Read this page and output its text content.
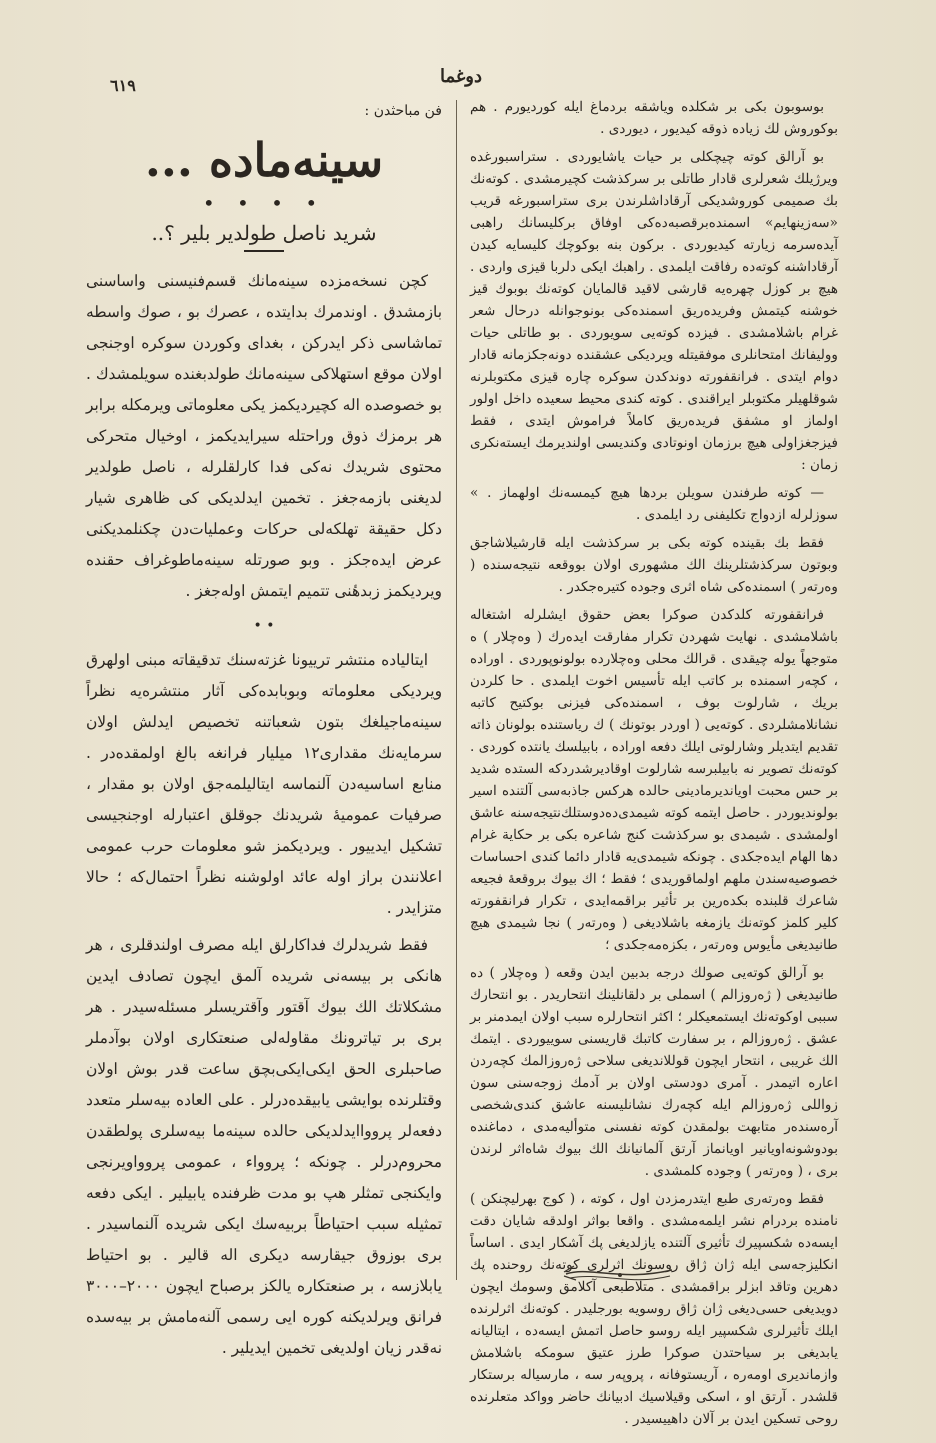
٦١٩	دوغما
فن مباحثدن :
سينه‌ماده ...
• • • •
شريد ناصل طولدير بلير ؟..

كچن نسخه‌مزده سينه‌مانك قسم‌فنيسنى واساسنى بازمشدق . اوندمرك بدايتده ، عصرك بو ، صوك واسطه تماشاسى ذكر ايدركن ، بغداى وكوردن سوكره اوجنجى اولان موقع استهلاكى سينه‌مانك طولدبغنده سويلمشدك . بو خصوصده اله كچيرديكمز يكى معلوماتى ويرمكله برابر هر برمزك ذوق وراحتله سيرايديكمز ، اوخيال متحركى محتوى شريدك نه‌كى فدا كارلقلرله ، ناصل طولدير لديغنى بازمه‌جغز . تخمين ايدلديكى كى ظاهرى شيار دكل حقيقة تهلكه‌لى حركات وعمليات‌دن چكنلمديكنى عرض ايده‌جكز . وبو صورتله سينه‌ماطوغراف حقنده ويرديكمز زبدهٔنى تتميم ايتمش اوله‌جغز .

• •

ايتالياده منتشر ترييونا غزته‌سنك تدقيقاته مبنى اولهرق ويرديكى معلوماته وبوبابده‌كى آثار منتشره‌يه نظراً سينه‌ماجيلغك بتون شعباتنه تخصيص ايدلش اولان سرمايه‌نك مقدارى١٢ ميليار فرانغه بالغ اولمقده‌در . منابع اساسيه‌دن آلنماسه ايتاليلمه‌جق اولان بو مقدار ، صرفيات عموميهٔ شريدنك جوقلق اعتبارله اوجنجيسى تشكيل ايدييور . ويرديكمز شو معلومات حرب عمومى اعلانندن براز اوله عائد اولوشنه نظراً احتمال‌كه ؛ حالا متزايدر .

فقط شريدلرك فداكارلق ايله مصرف اولندقلرى ، هر هانكى بر بيسه‌نى شريده آلمق ايچون تصادف ايدين مشكلاتك الك بيوك آقتور وآقتريسلر مسئله‌سيدر . هر برى بر تياترونك مقاوله‌لى صنعتكارى اولان بوآدملر صاحبلرى الحق ايكى‌ايكى‌بچق ساعت قدر بوش اولان وقتلرنده بوايشى يابيقده‌درلر . على العاده بيه‌سلر متعدد دفعه‌لر پروواايدلديكى حالده سينه‌ما بيه‌سلرى پولطقدن محروم‌درلر . چونكه ؛ پروواء ، عمومى پروواويرنجى وايكنجى تمثلر هپ بو مدت ظرفنده يابيلير . ايكى دفعه تمثيله سبب احتياطاً بربيه‌سك ايكى شريده آلنماسيدر . برى بوزوق جيقارسه ديكرى اله قالير . بو احتياط يابلازسه ، بر صنعتكاره يالكز برصباح ايچون ٢٠٠٠–٣٠٠٠ فرانق ويرلديكنه كوره ايى رسمى آلنه‌مامش بر بيه‌سده نه‌قدر زيان اولديغى تخمين ايديلير .

بوسوبون بكى بر شكلده وياشقه بردماغ ايله كورديورم . هم بوكوروش لك زياده ذوقه كيديور ، ديوردى .

بو آرالق كوته چيچكلى بر حيات ياشايوردى . ستراسبورغده ويرژيلك شعرلرى قادار طاتلى بر سركذشت كچيرمشدى . كوته‌نك بك صميمى كوروشديكى آرقاداشلرندن برى ستراسبورغه قريب «سه‌زينهايم» اسمنده‌برقصبه‌ده‌كى اوفاق بركليسانك راهبى آيده‌سرمه زيارته كيديوردى . بركون بنه بوكوچك كليسايه كيدن آرقاداشنه كوته‌ده رفاقت ايلمدى . راهبك ايكى دلربا قيزى واردى . هيچ بر كوزل چهره‌يه قارشى لاقيد قالمايان كوته‌نك بوبوك قيز خوشنه كيتمش وفريده‌ريق اسمنده‌كى بونوجوانله درحال شعر غرام باشلامشدى . فيزده كوته‌يى سويوردى . بو طاتلى حيات ووليفانك امتحانلرى موفقيتله ويرديكى عشقنده دونه‌جكزمانه قادار دوام ايتدى . فرانقفورته دوندكدن سوكره چاره قيزى مكتوبلرنه شوقلهيلر مكتوبلر ايراقندى . كوته كندى محيط سعيده داخل اولور اولماز او مشفق فريده‌ريق كاملاً فراموش ايتدى ، فقط فيزجغزاولى هيچ برزمان اونوتادى وكنديسى اولنديرمك ايسته‌نكرى زمان :

— كوته طرفندن سويلن بردها هيچ كيمسه‌نك اولهماز . » سوزلرله ازدواج تكليفنى رد ايلمدى .

فقط بك بقينده كوته بكى بر سركذشت ايله قارشيلاشاجق وبوتون سركذشتلرينك الك مشهورى اولان بووقعه نتيجه‌سنده ( وه‌رته‌ر ) اسمنده‌كى شاه اثرى وجوده كتيره‌جكدر .

فرانقفورته كلدكدن صوكرا بعض حقوق ايشلرله اشتغاله باشلامشدى . نهايت شهردن تكرار مفارقت ايده‌رك ( وه‌چلار ) ه متوجهاً يوله چيقدى . قرالك محلى وه‌چلارده بولونوپوردى . اوراده ، كچه‌ر اسمنده بر كاتب ايله تأسيس اخوت ايلمدى . حا كلردن بريك ، شارلوت بوف ، اسمنده‌كى فيزنى بوكتيح كاتبه نشانلامشلردى . كوته‌يى ( اوردر بوتونك ) ك رياستنده بولونان ذاته تقديم ايتديلر وشارلوتى ايلك دفعه اوراده ، بابيلسك يانتده كوردى . كوته‌نك تصوير نه بابيلبرسه شارلوت اوقاديرشدردكه الستده شديد بر حس محبت اويانديرمادينى حالده هركس جاذبه‌سى آلتنده اسير بولونديوردر . حاصل ايتمه كوته شيمدى‌ده‌دوستلك‌نتيجه‌سنه عاشق اولمشدى . شيمدى بو سركذشت كنج شاعره بكى بر حكاية غرام دها الهام ايده‌جكدى . چونكه شيمدى‌يه قادار دائما كندى احساسات خصوصيه‌سندن ملهم اولماقوريدى ؛ فقط ؛ اك بيوك بروقعهٔ فجيعه شاعرك قلبنده بكده‌رين بر تأثير براقمه‌ايدى ، تكرار فرانقفورته كلير كلمز كوته‌نك يازمغه باشلاديغى ( وه‌رته‌ر ) نجا شيمدى هيچ طانيديغى مأيوس وه‌رته‌ر ، بكزه‌مه‌جكدى ؛

بو آرالق كوته‌يى صولك درجه بدبين ايدن وقعه ( وه‌چلار ) ده طانيديغى ( ژه‌روزالم ) اسملى بر دلقانلينك انتحاريدر . بو انتحارك سببى اوكوته‌نك ايستمعيكلر ؛ اكثر انتحارلره سبب اولان ايمدمنر بر عشق . ژه‌روزالم ، بر سفارت كاتبك قاريسنى سوييوردى . ايتمك الك غريبى ، انتحار ايچون قوللانديغى سلاحى ژه‌روزالمك كچه‌ردن اعاره اتيمدر . آمرى دودستى اولان بر آدمك زوجه‌سنى سون زواللى ژه‌روزالم ايله كچه‌رك نشانليسنه عاشق كندى‌شخصى آره‌سنده‌ر متابهت بولمقدن كوته نفسنى متوأليه‌مدى ، دماغنده بودوشونه‌اويانير اويانماز آرتق آلمانيانك الك بيوك شاه‌اثر لرندن برى ، ( وه‌رته‌ر ) وجوده كلمشدى .

فقط وه‌رته‌رى طبع ايتدرمزدن اول ، كوته ، ( كوج بهرليچنكن ) نامنده بردرام نشر ايلمه‌مشدى . واقعا بواثر اولدقه شايان دقت ايسه‌ده شكسپيرك تأثيرى آلتنده يازلديغى پك آشكار ايدى . اساساً انكليزجه‌سى ايله ژان ژاق روسونك اثرلرى كوته‌نك روحنده پك دهرين وتاقد ابزلر براقمشدى . متلاطبعى آكلامق وسومك ايچون دويديغى حسى‌ديغى ژان ژاق روسويه بورجليدر . كوته‌نك اثرلرنده ايلك تأثيرلرى شكسپير ايله روسو حاصل اتمش ايسه‌ده ، ايتاليانه يابديغى بر سياحتدن صوكرا طرز عتيق سومكه باشلامش وازمانديرى اومه‌ره ، آريستوفانه ، پروپه‌ر سه ، مارسياله برستكار قلشدر . آرتق او ، اسكى وقيلاسيك ادبيانك حاضر وواكد متعلرنده روحى تسكين ايدن بر آلان داهييسيدر .
